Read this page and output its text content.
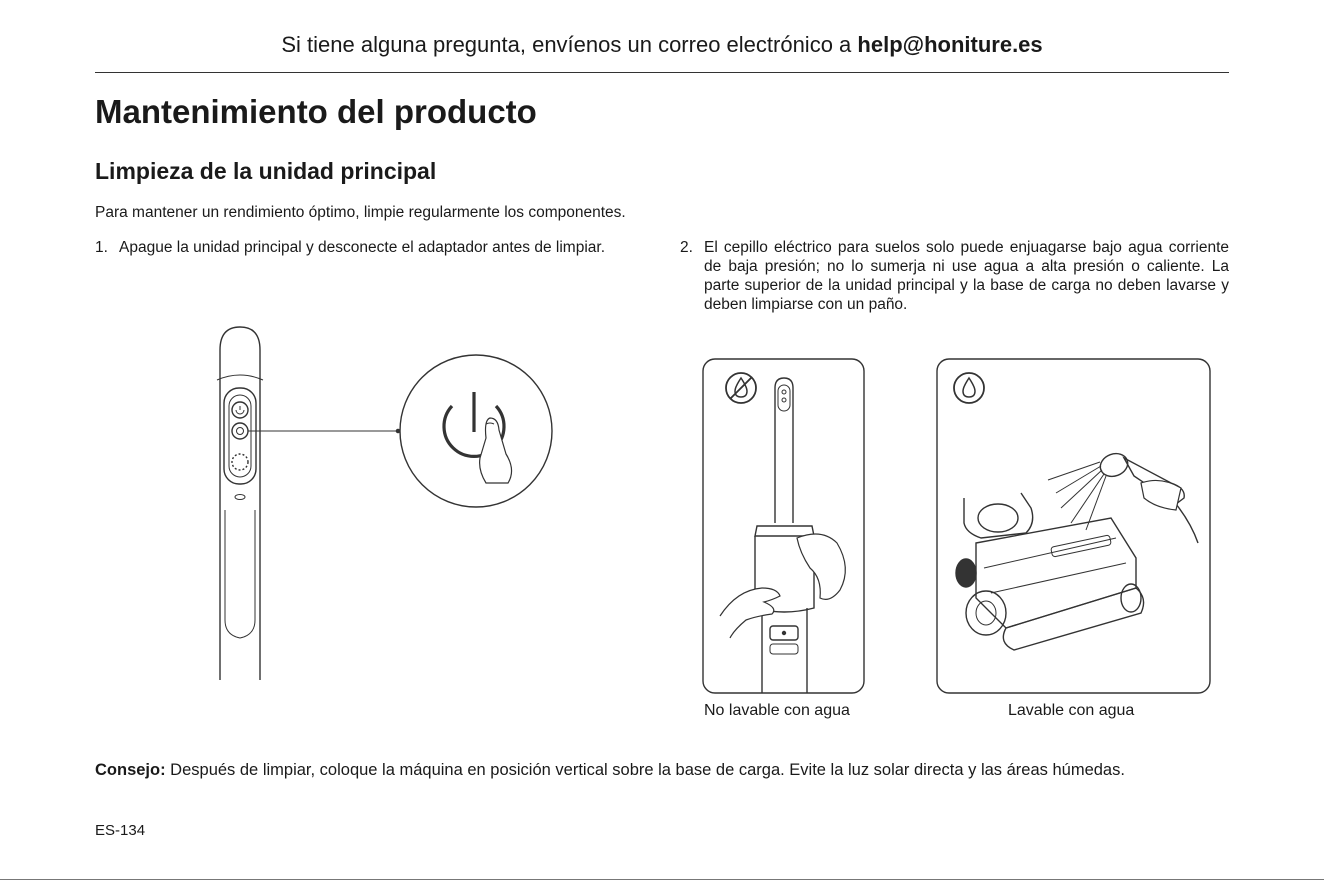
Si tiene alguna pregunta, envíenos un correo electrónico a help@honiture.es
Mantenimiento del producto
Limpieza de la unidad principal
Para mantener un rendimiento óptimo, limpie regularmente los componentes.
1. Apague la unidad principal y desconecte el adaptador antes de limpiar.	2. El cepillo eléctrico para suelos solo puede enjuagarse bajo agua corriente de baja presión; no lo sumerja ni use agua a alta presión o caliente. La parte superior de la unidad principal y la base de carga no deben lavarse y deben limpiarse con un paño.
No lavable con agua	Lavable con agua
Consejo: Después de limpiar, coloque la máquina en posición vertical sobre la base de carga. Evite la luz solar directa y las áreas húmedas.
ES-134
